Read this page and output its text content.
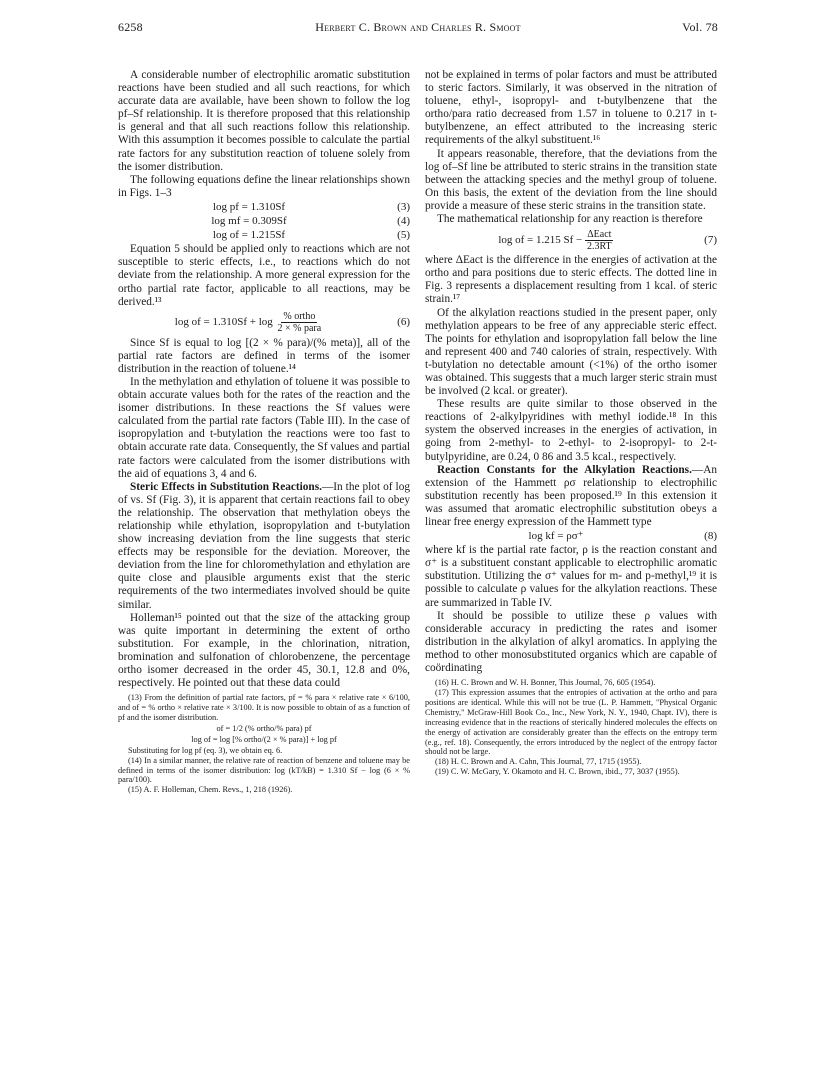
6258	Herbert C. Brown and Charles R. Smoot	Vol. 78

A considerable number of electrophilic aromatic substitution reactions have been studied and all such reactions, for which accurate data are available, have been shown to follow the log pf–Sf relationship. It is therefore proposed that this relationship is general and that all such reactions follow this relationship. With this assumption it becomes possible to calculate the partial rate factors for any substitution reaction of toluene solely from the isomer distribution.

The following equations define the linear relationships shown in Figs. 1–3

log pf = 1.310Sf	(3)
log mf = 0.309Sf	(4)
log of = 1.215Sf	(5)

Equation 5 should be applied only to reactions which are not susceptible to steric effects, i.e., to reactions which do not deviate from the relationship. A more general expression for the ortho partial rate factor, applicable to all reactions, may be derived.¹³

log of = $1.310Sf + \log \frac{\text{\% ortho}}{\text{2 × \% para}}$	(6)

Since Sf is equal to log [(2 × % para)/(% meta)], all of the partial rate factors are defined in terms of the isomer distribution in the reaction of toluene.¹⁴

In the methylation and ethylation of toluene it was possible to obtain accurate values both for the rates of the reaction and the isomer distributions. In these reactions the Sf values were calculated from the partial rate factors (Table III). In the case of isopropylation and t-butylation the reactions were too fast to obtain accurate rate data. Consequently, the Sf values and partial rate factors were calculated from the isomer distributions with the aid of equations 3, 4 and 6.

Steric Effects in Substitution Reactions.—In the plot of log of vs. Sf (Fig. 3), it is apparent that certain reactions fail to obey the relationship. The observation that methylation obeys the relationship while ethylation, isopropylation and t-butylation show increasing deviation from the line suggests that steric effects may be responsible for the deviation. Moreover, the deviation from the line for chloromethylation and ethylation are quite close and plausible arguments exist that the steric requirements of the two intermediates involved should be quite similar.

Holleman¹⁵ pointed out that the size of the attacking group was quite important in determining the extent of ortho substitution. For example, in the chlorination, nitration, bromination and sulfonation of chlorobenzene, the percentage ortho isomer decreased in the order 45, 30.1, 12.8 and 0%, respectively. He pointed out that these data could

(13) From the definition of partial rate factors, pf = % para × relative rate × 6/100, and of = % ortho × relative rate × 3/100. It is now possible to obtain of as a function of pf and the isomer distribution.

of = 1/2 (% ortho/% para) pf

log of = log [% ortho/(2 × % para)] + log pf

Substituting for log pf (eq. 3), we obtain eq. 6.

(14) In a similar manner, the relative rate of reaction of benzene and toluene may be defined in terms of the isomer distribution: log (kT/kB) = 1.310 Sf − log (6 × % para/100).

(15) A. F. Holleman, Chem. Revs., 1, 218 (1926).

not be explained in terms of polar factors and must be attributed to steric factors. Similarly, it was observed in the nitration of toluene, ethyl-, isopropyl- and t-butylbenzene that the ortho/para ratio decreased from 1.57 in toluene to 0.217 in t-butylbenzene, an effect attributed to the increasing steric requirements of the alkyl substituent.¹⁶

It appears reasonable, therefore, that the deviations from the log of–Sf line be attributed to steric strains in the transition state between the attacking species and the methyl group of toluene. On this basis, the extent of the deviation from the line should provide a measure of these steric strains in the transition state.

The mathematical relationship for any reaction is therefore

log of = 1.215 $Sf - \frac{\text{ΔEact}}{2.3RT}$	(7)

where ΔEact is the difference in the energies of activation at the ortho and para positions due to steric effects. The dotted line in Fig. 3 represents a displacement resulting from 1 kcal. of steric strain.¹⁷

Of the alkylation reactions studied in the present paper, only methylation appears to be free of any appreciable steric effect. The points for ethylation and isopropylation fall below the line and represent 400 and 740 calories of strain, respectively. With t-butylation no detectable amount (<1%) of the ortho isomer was obtained. This suggests that a much larger steric strain must be involved (2 kcal. or greater).

These results are quite similar to those observed in the reactions of 2-alkylpyridines with methyl iodide.¹⁸ In this system the observed increases in the energies of activation, in going from 2-methyl- to 2-ethyl- to 2-isopropyl- to 2-t-butylpyridine, are 0.24, 0 86 and 3.5 kcal., respectively.

Reaction Constants for the Alkylation Reactions.—An extension of the Hammett ρσ relationship to electrophilic substitution recently has been proposed.¹⁹ In this extension it was assumed that aromatic electrophilic substitution obeys a linear free energy expression of the Hammett type

log kf = ρσ⁺	(8)

where kf is the partial rate factor, ρ is the reaction constant and σ⁺ is a substituent constant applicable to electrophilic aromatic substitution. Utilizing the σ⁺ values for m- and p-methyl,¹⁹ it is possible to calculate ρ values for the alkylation reactions. These are summarized in Table IV.

It should be possible to utilize these ρ values with considerable accuracy in predicting the rates and isomer distribution in the alkylation of alkyl aromatics. In applying the method to other monosubstituted organics which are capable of coördinating

(16) H. C. Brown and W. H. Bonner, This Journal, 76, 605 (1954).

(17) This expression assumes that the entropies of activation at the ortho and para positions are identical. While this will not be true (L. P. Hammett, "Physical Organic Chemistry," McGraw-Hill Book Co., Inc., New York, N. Y., 1940, Chapt. IV), there is increasing evidence that in the reactions of sterically hindered molecules the effects on the energy of activation are considerably greater than the effects on the entropy term (e.g., ref. 18). Consequently, the errors introduced by the neglect of the entropy factor should not be large.

(18) H. C. Brown and A. Cahn, This Journal, 77, 1715 (1955).

(19) C. W. McGary, Y. Okamoto and H. C. Brown, ibid., 77, 3037 (1955).
